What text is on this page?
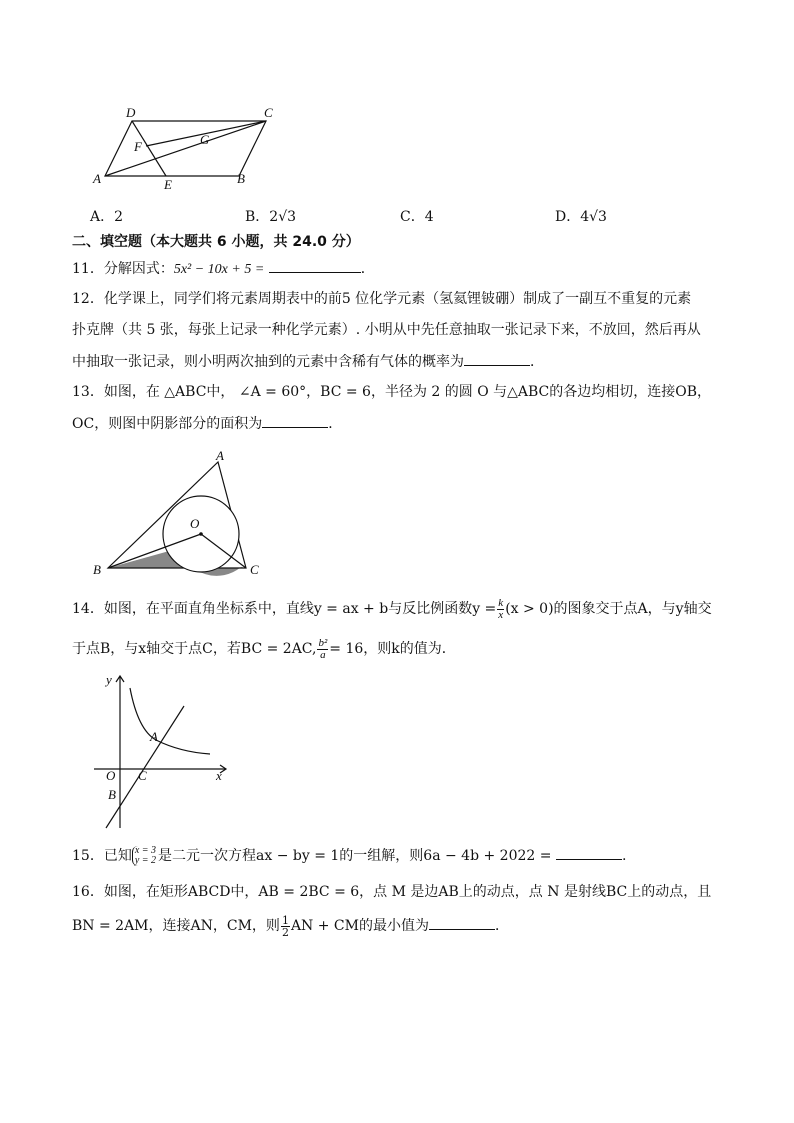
D	C
G
F
A	E	B
A．2	B．2√3	C．4	D．4√3
二、填空题（本大题共 6 小题，共 24.0 分）
11．分解因式：5x² − 10x + 5 =	．
12．化学课上，同学们将元素周期表中的前5 位化学元素（氢氦锂铍硼）制成了一副互不重复的元素
扑克牌（共 5 张，每张上记录一种化学元素）. 小明从中先任意抽取一张记录下来，不放回，然后再从
中抽取一张记录，则小明两次抽到的元素中含稀有气体的概率为	．
13．如图，在 △ABC中， ∠A = 60°，BC = 6，半径为 2 的圆 O 与△ABC的各边均相切，连接OB，
OC，则图中阴影部分的面积为	．
A
O
B	C
14．如图，在平面直角坐标系中，直线y = ax + b与反比例函数$y = \frac{k}{x} (x > 0)$的图象交于点A，与y轴交
于点B，与x轴交于点C，若BC = 2AC, $\frac{\text{b²}}{a} = 16$，则k的值为．
y
x
A
O C
B
15．已知 x = 3
y = 2 是二元一次方程ax − by = 1的一组解，则6a − 4b + 2022 =	.
16．如图，在矩形ABCD中，AB = 2BC = 6，点 M 是边AB上的动点，点 N 是射线BC上的动点，且
BN = 2AM，连接AN，CM，则 $\frac{1}{2}$ AN + CM的最小值为	．
